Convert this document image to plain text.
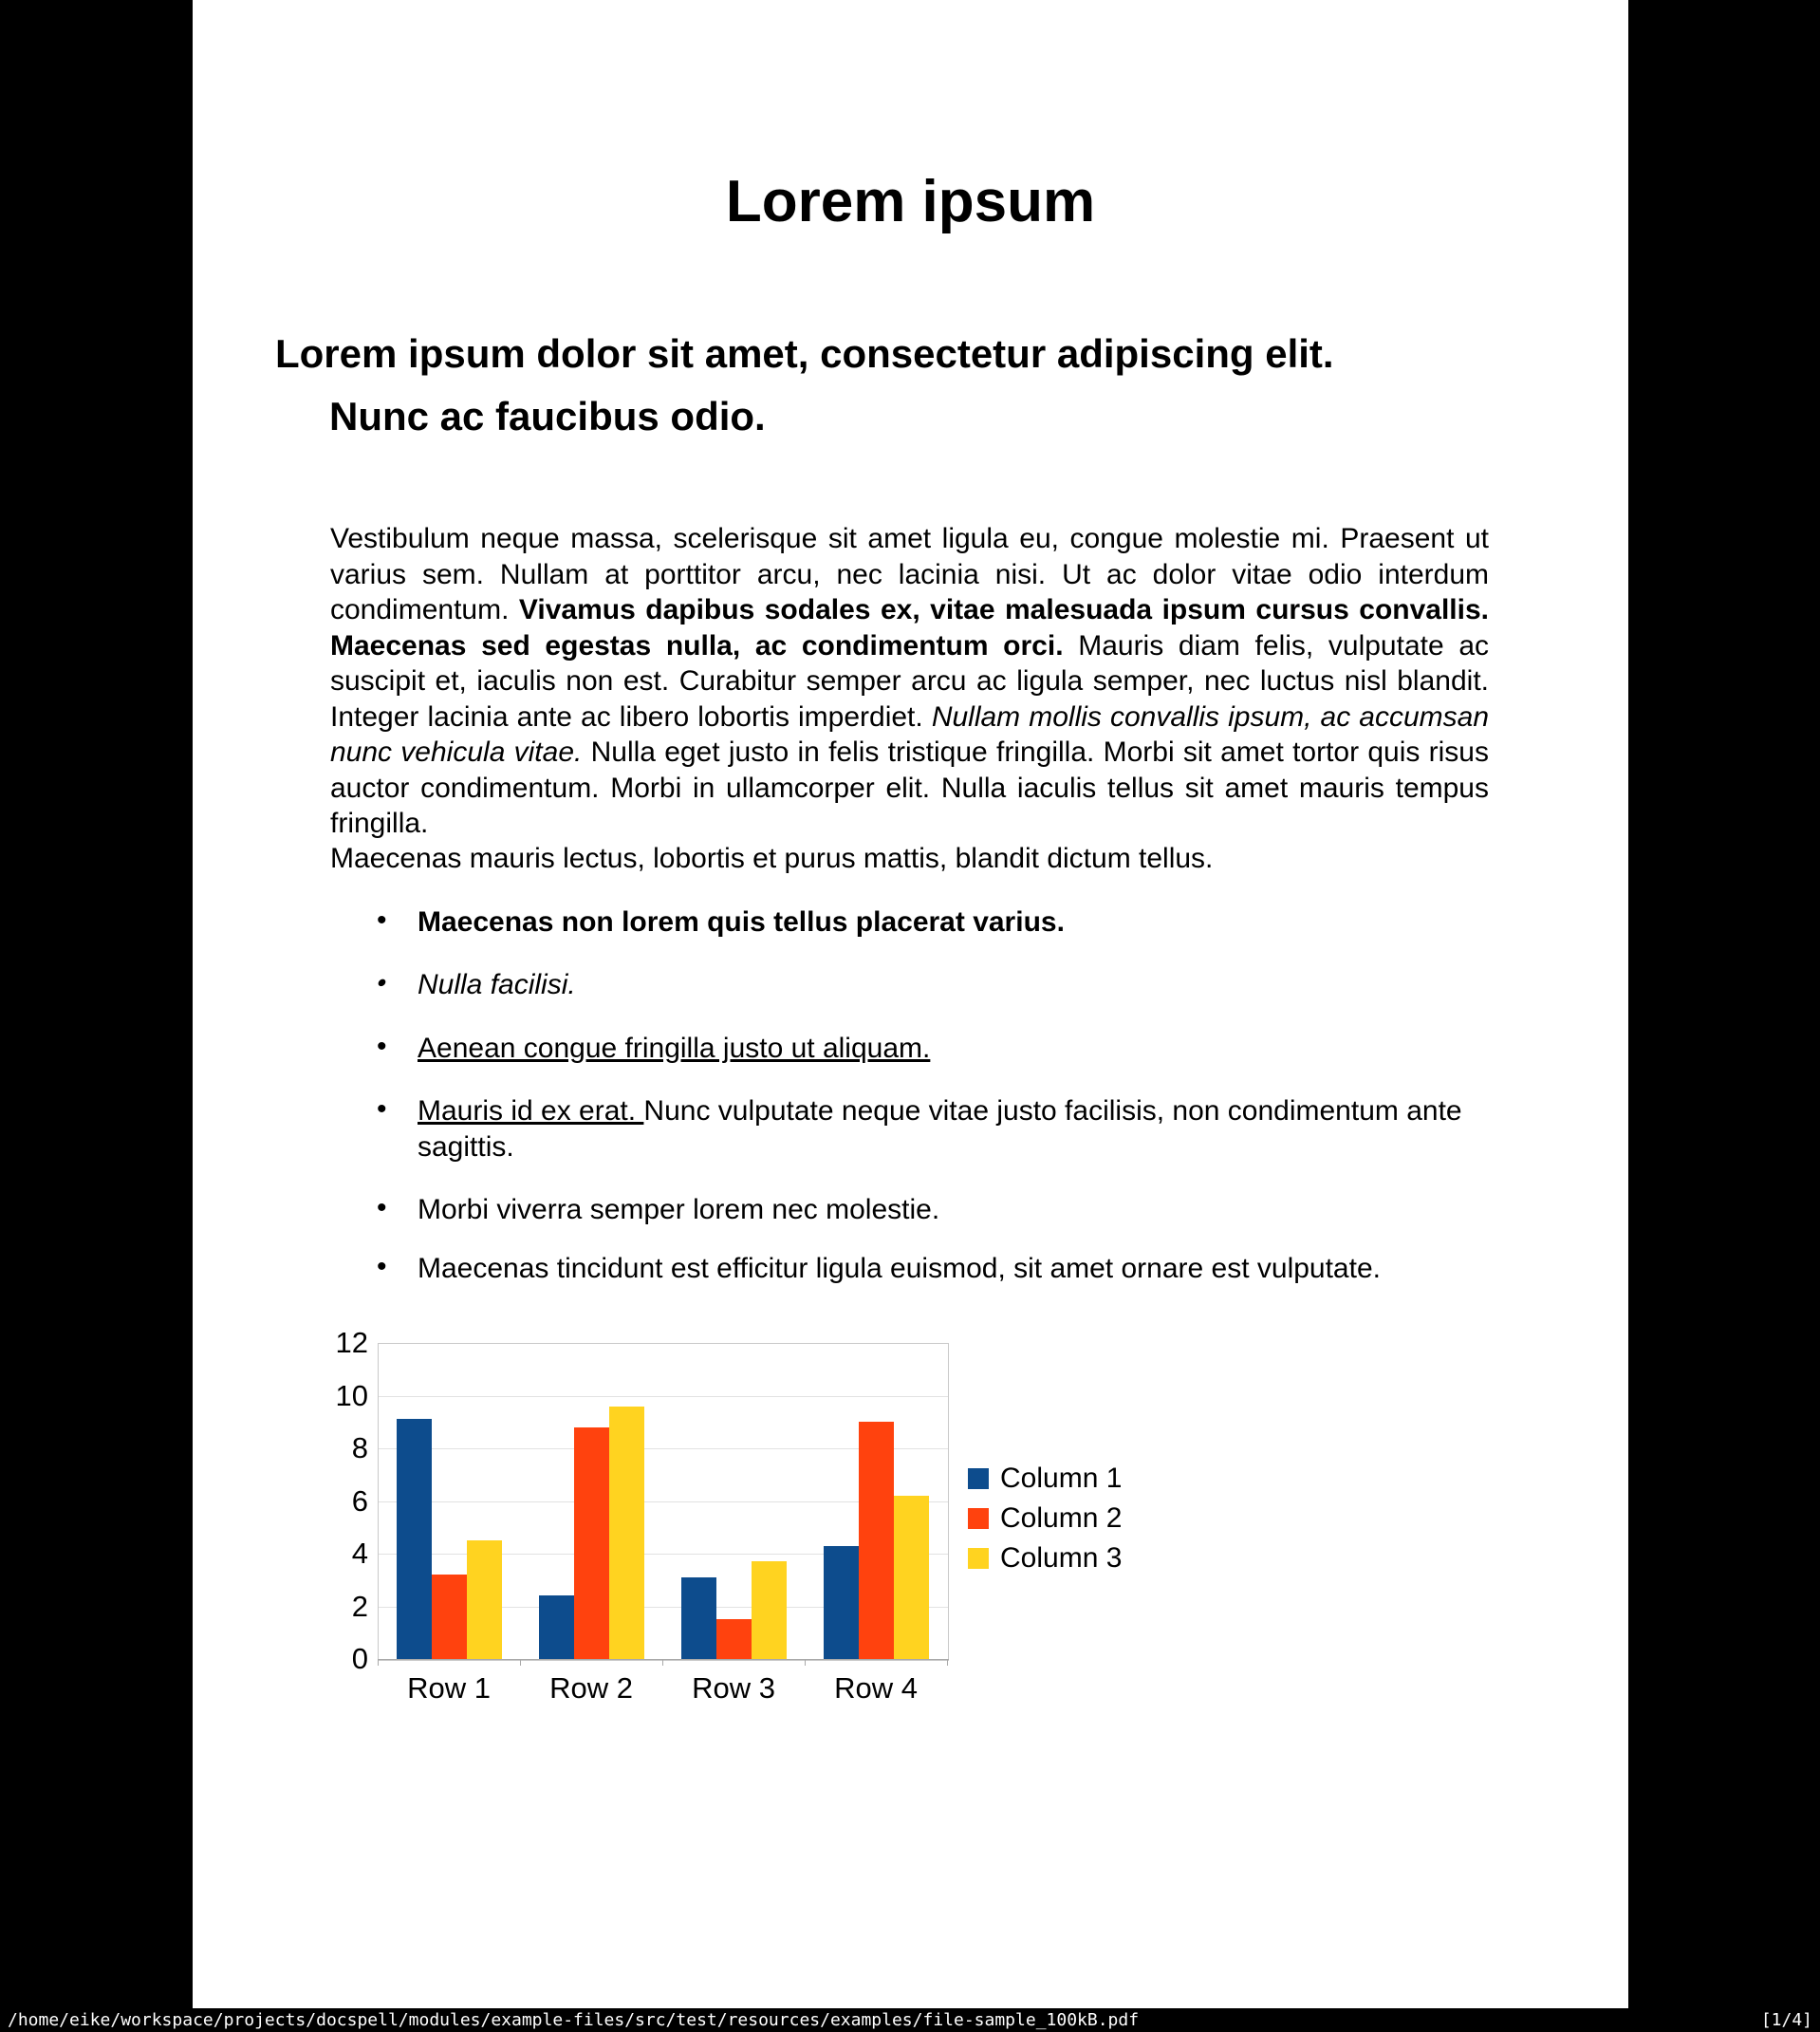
Lorem ipsum
Lorem ipsum dolor sit amet, consectetur adipiscing elit.
Nunc ac faucibus odio.

Vestibulum neque massa, scelerisque sit amet ligula eu, congue molestie mi. Praesent ut varius sem. Nullam at porttitor arcu, nec lacinia nisi. Ut ac dolor vitae odio interdum condimentum. Vivamus dapibus sodales ex, vitae malesuada ipsum cursus convallis. Maecenas sed egestas nulla, ac condimentum orci. Mauris diam felis, vulputate ac suscipit et, iaculis non est. Curabitur semper arcu ac ligula semper, nec luctus nisl blandit. Integer lacinia ante ac libero lobortis imperdiet. Nullam mollis convallis ipsum, ac accumsan nunc vehicula vitae. Nulla eget justo in felis tristique fringilla. Morbi sit amet tortor quis risus auctor condimentum. Morbi in ullamcorper elit. Nulla iaculis tellus sit amet mauris tempus fringilla.

Maecenas mauris lectus, lobortis et purus mattis, blandit dictum tellus.
• Maecenas non lorem quis tellus placerat varius.
• Nulla facilisi.
• Aenean congue fringilla justo ut aliquam.
• Mauris id ex erat. Nunc vulputate neque vitae justo facilisis, non condimentum ante sagittis.
• Morbi viverra semper lorem nec molestie.
• Maecenas tincidunt est efficitur ligula euismod, sit amet ornare est vulputate.
0
2
4
6
8
10
12
Row 1	Row 2	Row 3	Row 4
Column 1
Column 2
Column 3
/home/eike/workspace/projects/docspell/modules/example-files/src/test/resources/examples/file-sample_100kB.pdf	[1/4]
